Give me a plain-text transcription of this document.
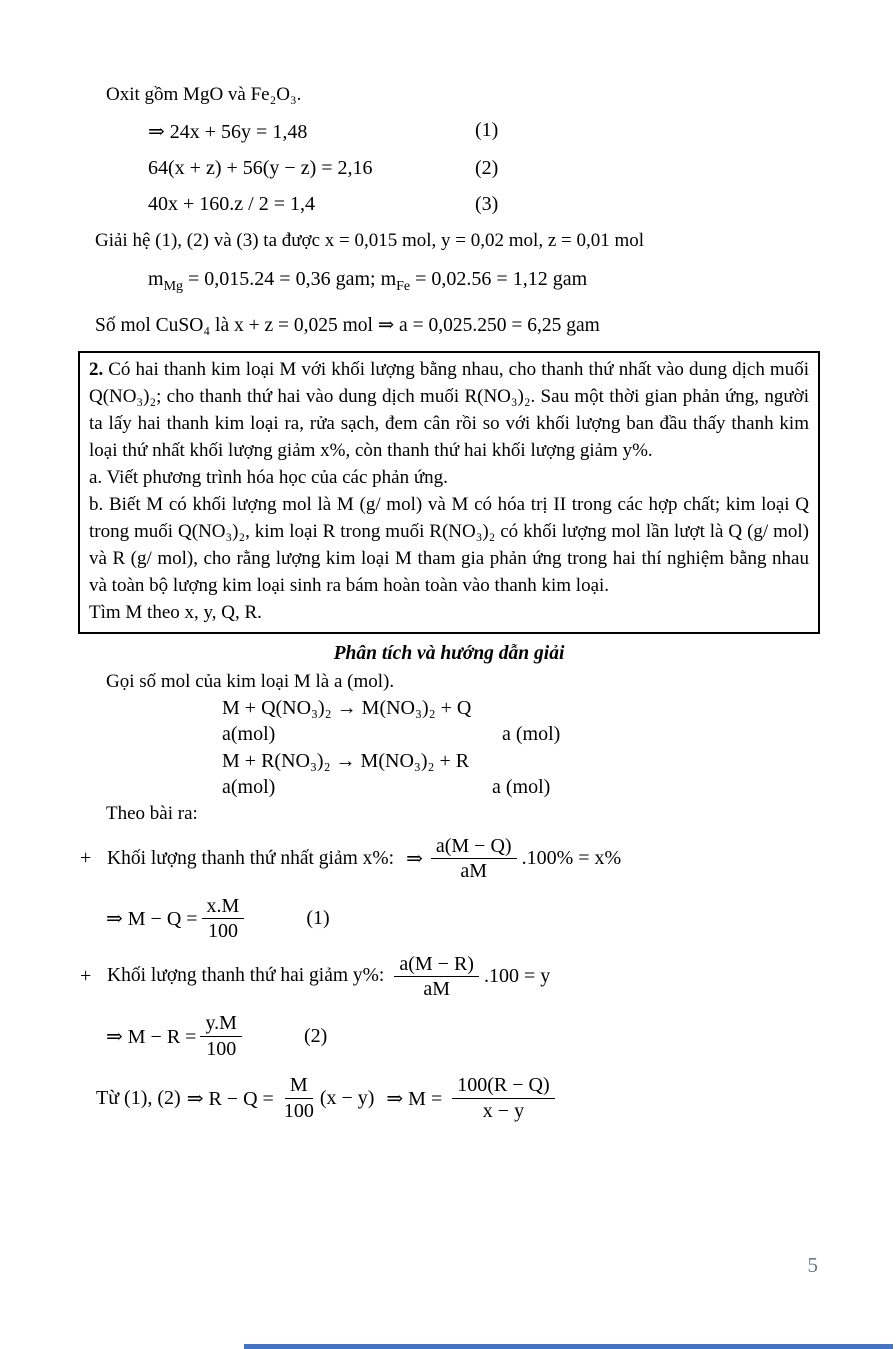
Oxit gồm MgO và Fe₂O₃.

⇒ 24x + 56y = 1,48	(1)
64(x + z) + 56(y − z) = 2,16	(2)
40x + 160.z / 2 = 1,4	(3)

Giải hệ (1), (2) và (3) ta được x = 0,015 mol, y = 0,02 mol, z = 0,01 mol

$m_{Mg} = 0,015.24 = 0,36$ gam; $m_{Fe} = 0,02.56 = 1,12$ gam

Số mol CuSO₄ là x + z = 0,025 mol ⇒ a = 0,025.250 = 6,25 gam

2. Có hai thanh kim loại M với khối lượng bằng nhau, cho thanh thứ nhất vào dung dịch muối Q(NO₃)₂; cho thanh thứ hai vào dung dịch muối R(NO₃)₂. Sau một thời gian phản ứng, người ta lấy hai thanh kim loại ra, rửa sạch, đem cân rồi so với khối lượng ban đầu thấy thanh kim loại thứ nhất khối lượng giảm x%, còn thanh thứ hai khối lượng giảm y%.

a. Viết phương trình hóa học của các phản ứng.

b. Biết M có khối lượng mol là M (g/ mol) và M có hóa trị II trong các hợp chất; kim loại Q trong muối Q(NO₃)₂, kim loại R trong muối R(NO₃)₂ có khối lượng mol lần lượt là Q (g/ mol) và R (g/ mol), cho rằng lượng kim loại M tham gia phản ứng trong hai thí nghiệm bằng nhau và toàn bộ lượng kim loại sinh ra bám hoàn toàn vào thanh kim loại.

Tìm M theo x, y, Q, R.

Phân tích và hướng dẫn giải

Gọi số mol của kim loại M là a (mol).

M + Q(NO₃)₂ → M(NO₃)₂ + Q

a(mol)	a (mol)

M + R(NO₃)₂ → M(NO₃)₂ + R

a(mol)	a (mol)

Theo bài ra:

+ Khối lượng thanh thứ nhất giảm x%: ⇒ $\frac{a(M - Q)}{aM} .100\% = x\%$
⇒ $M - Q = \frac{x.M}{100}$	(1)
+ Khối lượng thanh thứ hai giảm y%: $\frac{a(M - R)}{aM} .100 = y$
⇒ $M - R = \frac{y.M}{100}$	(2)
Từ (1), (2) ⇒ $R - Q = \frac{M}{100} (x - y)$ ⇒ $M = \frac{100(R - Q)}{x - y}$
5
